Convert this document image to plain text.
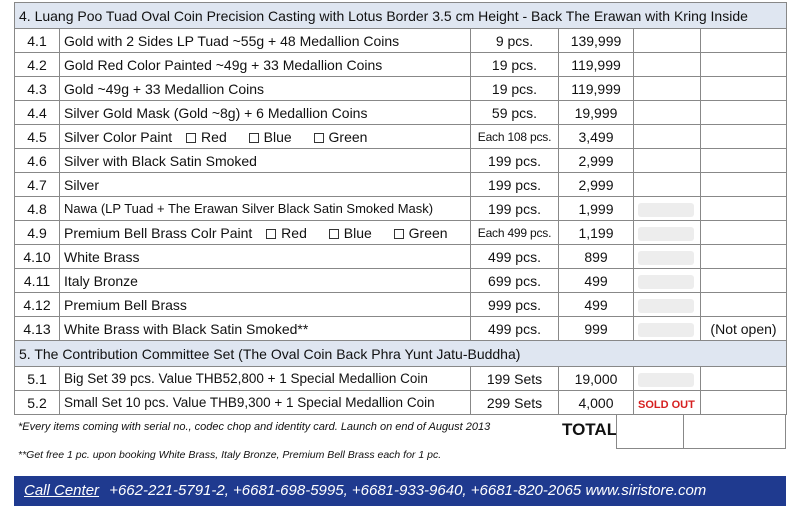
4. Luang Poo Tuad Oval Coin Precision Casting with Lotus Border 3.5 cm Height - Back The Erawan with Kring Inside					
4.1	Gold with 2 Sides LP Tuad ~55g + 48 Medallion Coins	9 pcs.	139,999		
4.2	Gold Red Color Painted ~49g + 33 Medallion Coins	19 pcs.	119,999		
4.3	Gold ~49g + 33 Medallion Coins	19 pcs.	119,999		
4.4	Silver Gold Mask (Gold ~8g) + 6 Medallion Coins	59 pcs.	19,999		
4.5	Silver Color Paint Red Blue Green	Each 108 pcs.	3,499		
4.6	Silver with Black Satin Smoked	199 pcs.	2,999		
4.7	Silver	199 pcs.	2,999		
4.8	Nawa (LP Tuad + The Erawan Silver Black Satin Smoked Mask)	199 pcs.	1,999		
4.9	Premium Bell Brass Colr Paint Red Blue Green	Each 499 pcs.	1,199		
4.10	White Brass	499 pcs.	899		
4.11	Italy Bronze	699 pcs.	499		
4.12	Premium Bell Brass	999 pcs.	499		
4.13	White Brass with Black Satin Smoked**	499 pcs.	999		(Not open)
5. The Contribution Committee Set (The Oval Coin Back Phra Yunt Jatu-Buddha)					
5.1	Big Set 39 pcs. Value THB52,800 + 1 Special Medallion Coin	199 Sets	19,000		
5.2	Small Set 10 pcs. Value THB9,300 + 1 Special Medallion Coin	299 Sets	4,000	SOLD OUT	
*Every items coming with serial no., codec chop and identity card. Launch on end of August 2013
**Get free 1 pc. upon booking White Brass, Italy Bronze, Premium Bell Brass each for 1 pc.
TOTAL
Call Center +662-221-5791-2, +6681-698-5995, +6681-933-9640, +6681-820-2065 www.siristore.com
